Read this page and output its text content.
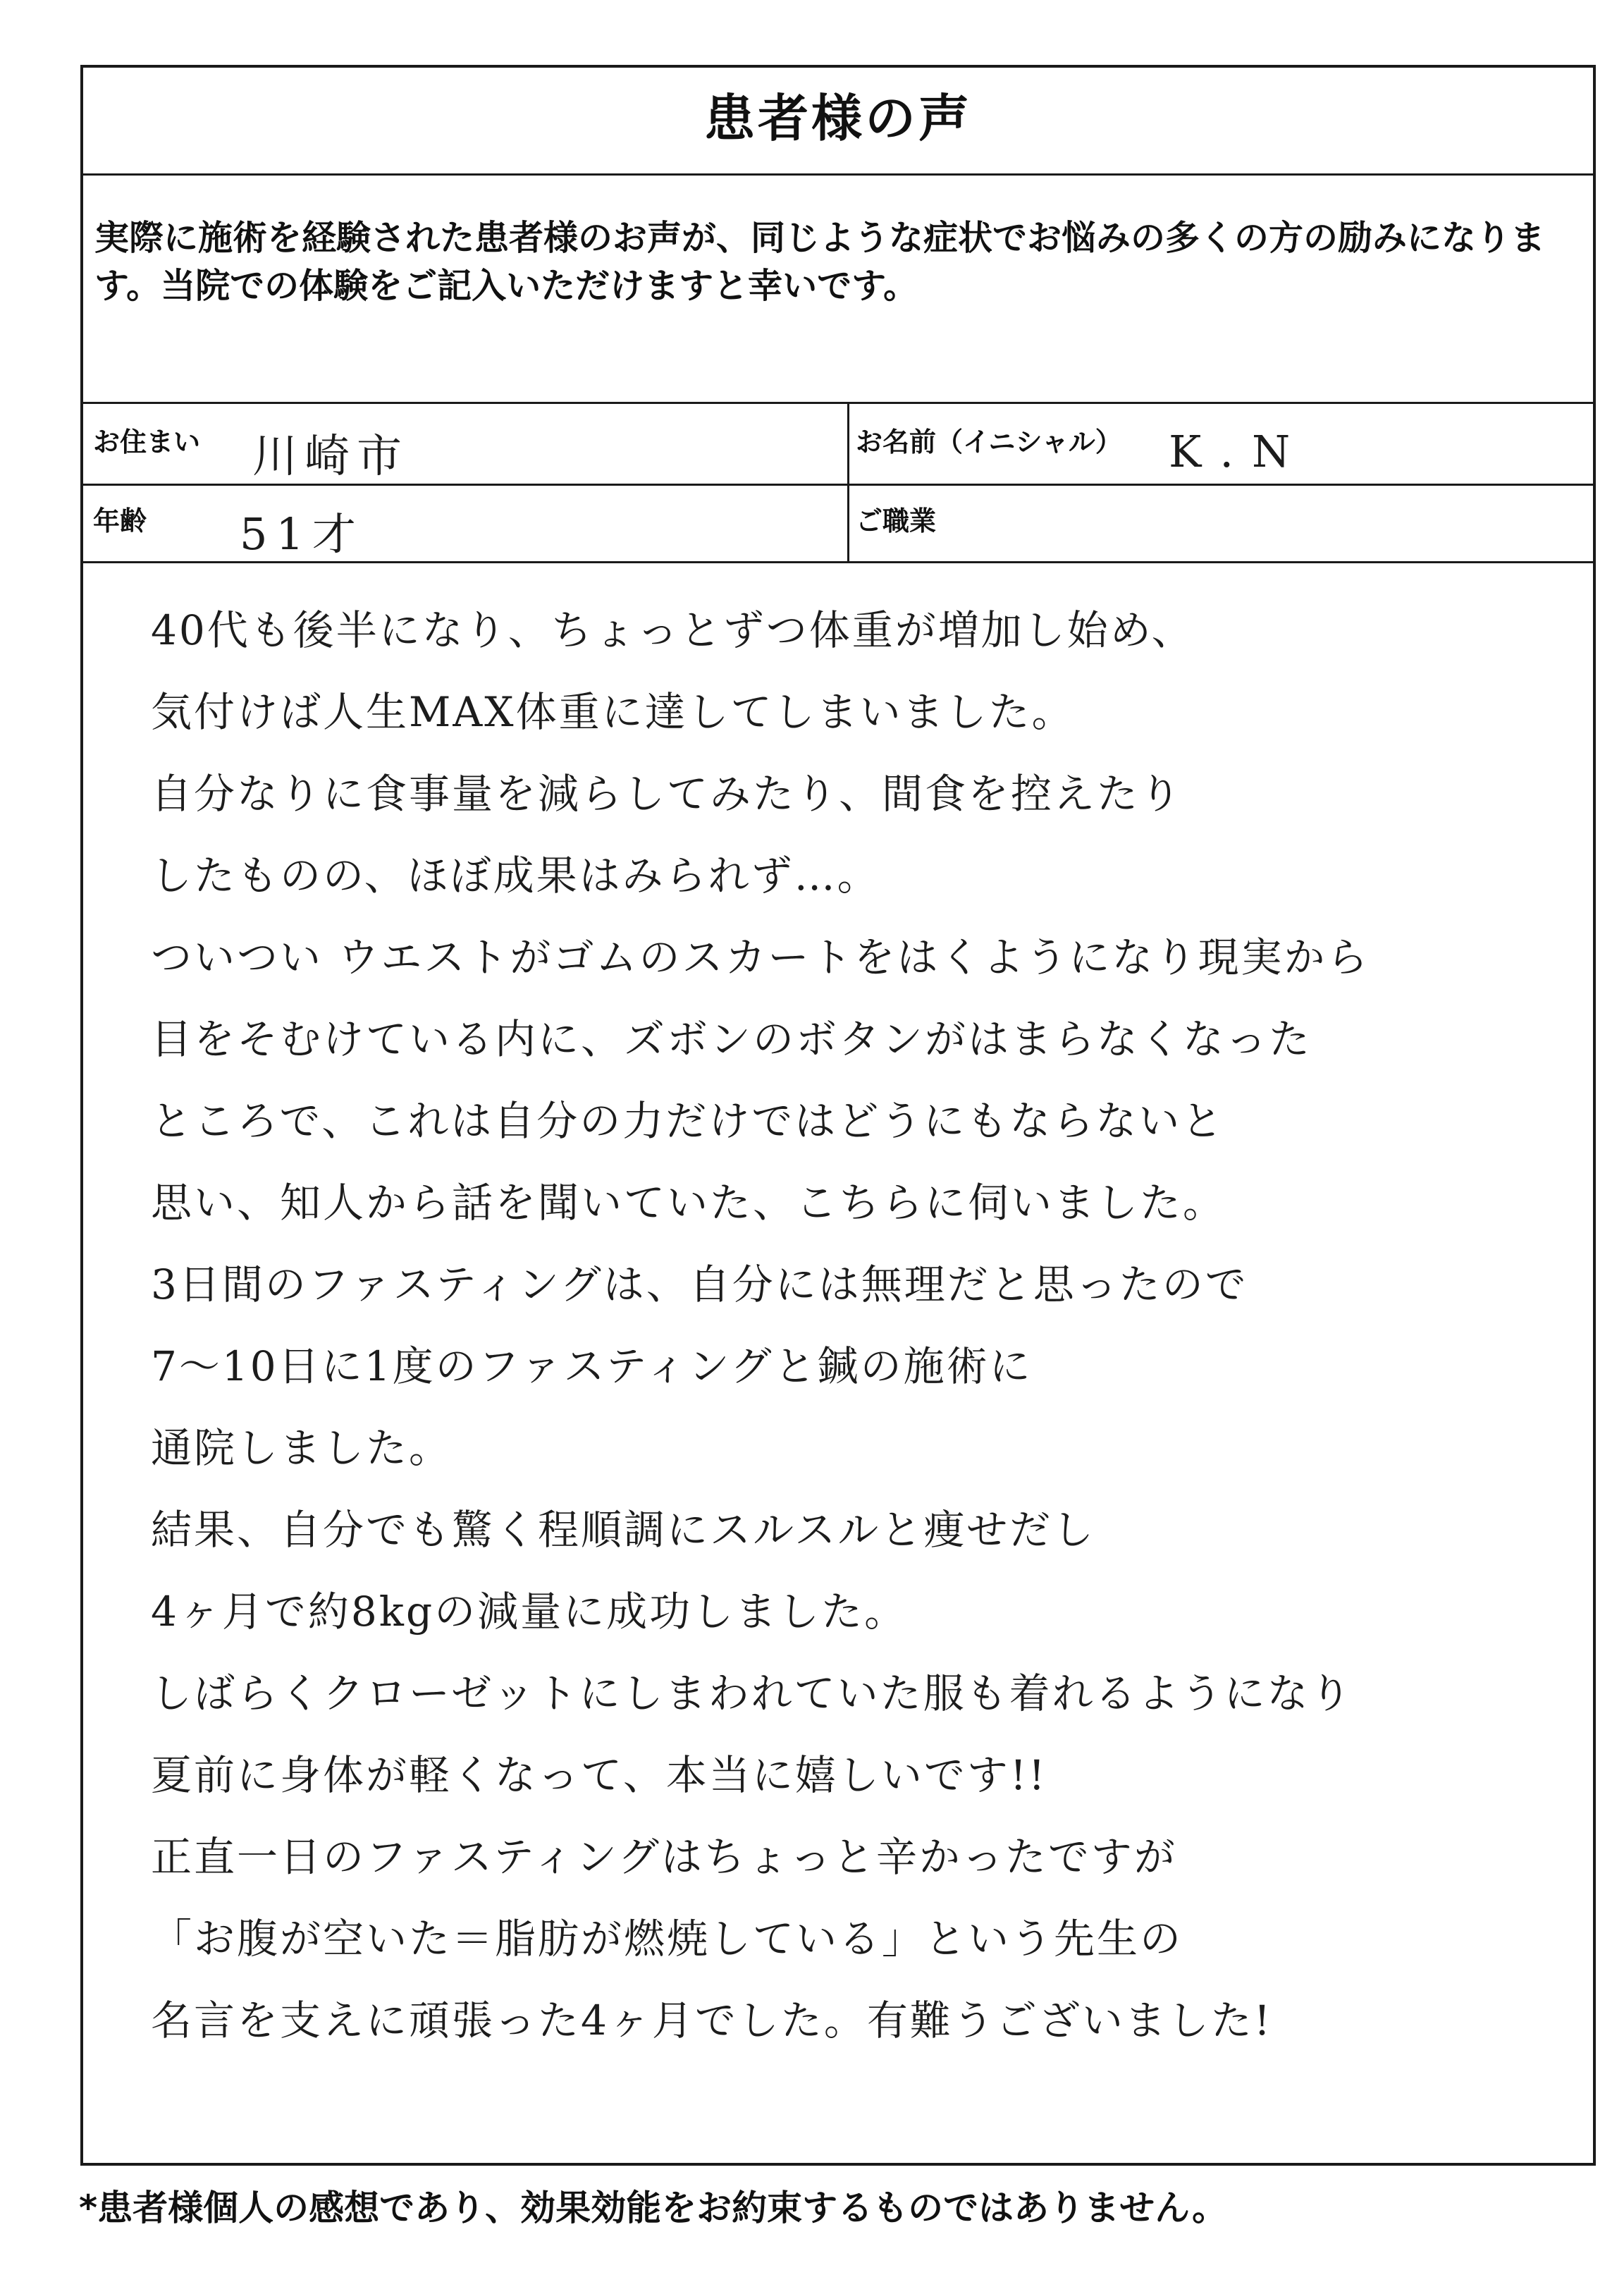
患者様の声
実際に施術を経験された患者様のお声が、同じような症状でお悩みの多くの方の励みになります。当院での体験をご記入いただけますと幸いです。
お住まい 川崎市	お名前（イニシャル） K.N
年齢 51才	ご職業
40代も後半になり、ちょっとずつ体重が増加し始め、
気付けば人生MAX体重に達してしまいました。
自分なりに食事量を減らしてみたり、間食を控えたり
したものの、ほぼ成果はみられず…。
ついつい ウエストがゴムのスカートをはくようになり現実から
目をそむけている内に、ズボンのボタンがはまらなくなった
ところで、これは自分の力だけではどうにもならないと
思い、知人から話を聞いていた、こちらに伺いました。
3日間のファスティングは、自分には無理だと思ったので
7〜10日に1度のファスティングと鍼の施術に
通院しました。
結果、自分でも驚く程順調にスルスルと痩せだし
4ヶ月で約8kgの減量に成功しました。
しばらくクローゼットにしまわれていた服も着れるようになり
夏前に身体が軽くなって、本当に嬉しいです!!
正直一日のファスティングはちょっと辛かったですが
「お腹が空いた＝脂肪が燃焼している」という先生の
名言を支えに頑張った4ヶ月でした。有難うございました!
*患者様個人の感想であり、効果効能をお約束するものではありません。
